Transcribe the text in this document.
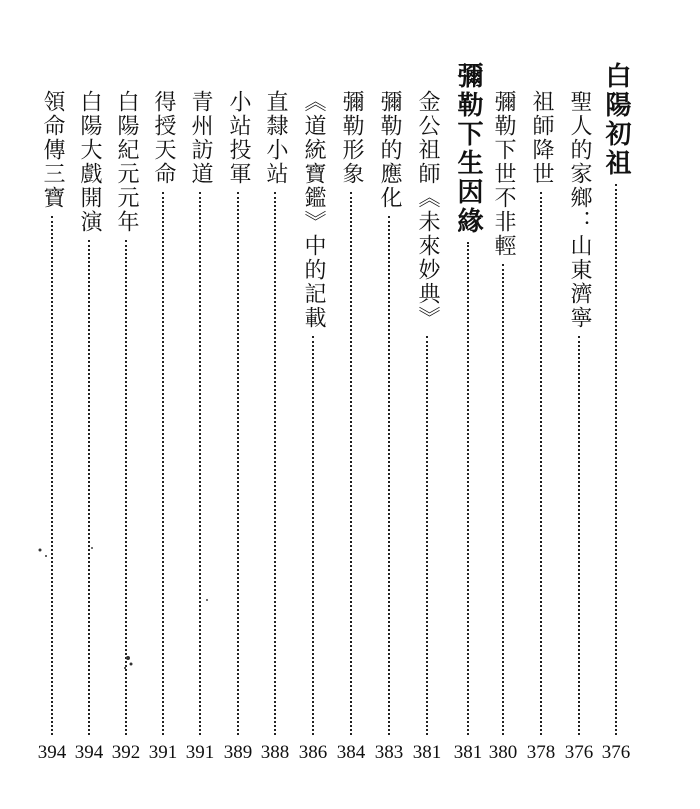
白陽初祖
376
聖人的家鄉：山東濟寧
376
祖師降世
378
彌勒下世不非輕
380
彌勒下生因緣
381
金公祖師《未來妙典》
381
彌勒的應化
383
彌勒形象
384
《道統寶鑑》中的記載
386
直隸小站
388
小站投軍
389
青州訪道
391
得授天命
391
白陽紀元元年
392
白陽大戲開演
394
領命傳三寶
394
